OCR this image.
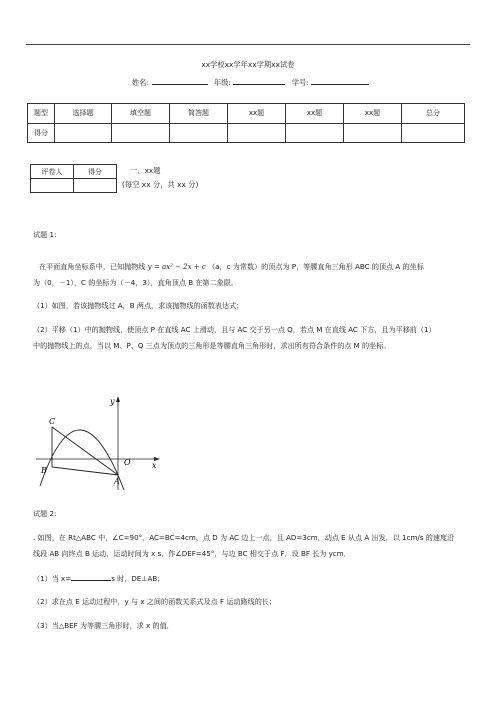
xx学校xx学年xx学期xx试卷
姓名:	年级:	学号:
题型	选择题	填空题	简答题	xx题	xx题	xx题	总分
得分							
评卷人	得分
		一、xx题
(每空 xx 分，共 xx 分)
试题 1:
在平面直角坐标系中，已知抛物线 y = ax² − 2x + c （a，c 为常数）的顶点为 P，等腰直角三角形 ABC 的顶点 A 的坐标
为（0，－1），C 的坐标为（－4，3），直角顶点 B 在第二象限。
（1）如图，若该抛物线过 A，B 两点，求该抛物线的函数表达式；
（2）平移（1）中的抛物线，使顶点 P 在直线 AC 上滑动，且与 AC 交于另一点 Q，若点 M 在直线 AC 下方，且为平移前（1）
中的抛物线上的点，当以 M、P、Q 三点为顶点的三角形是等腰直角三角形时，求出所有符合条件的点 M 的坐标。
y
x
C
B
O
A
试题 2:
. 如图，在 Rt△ABC 中，∠C=90°，AC=BC=4cm，点 D 为 AC 边上一点，且 AD=3cm，动点 E 从点 A 出发，以 1cm/s 的速度沿
线段 AB 向终点 B 运动，运动时间为 x s．作∠DEF=45°，与边 BC 相交于点 F．设 BF 长为 ycm．
（1）当 x=	s 时，DE⊥AB；
（2）求在点 E 运动过程中，y 与 x 之间的函数关系式及点 F 运动路线的长；
（3）当△BEF 为等腰三角形时，求 x 的值．
